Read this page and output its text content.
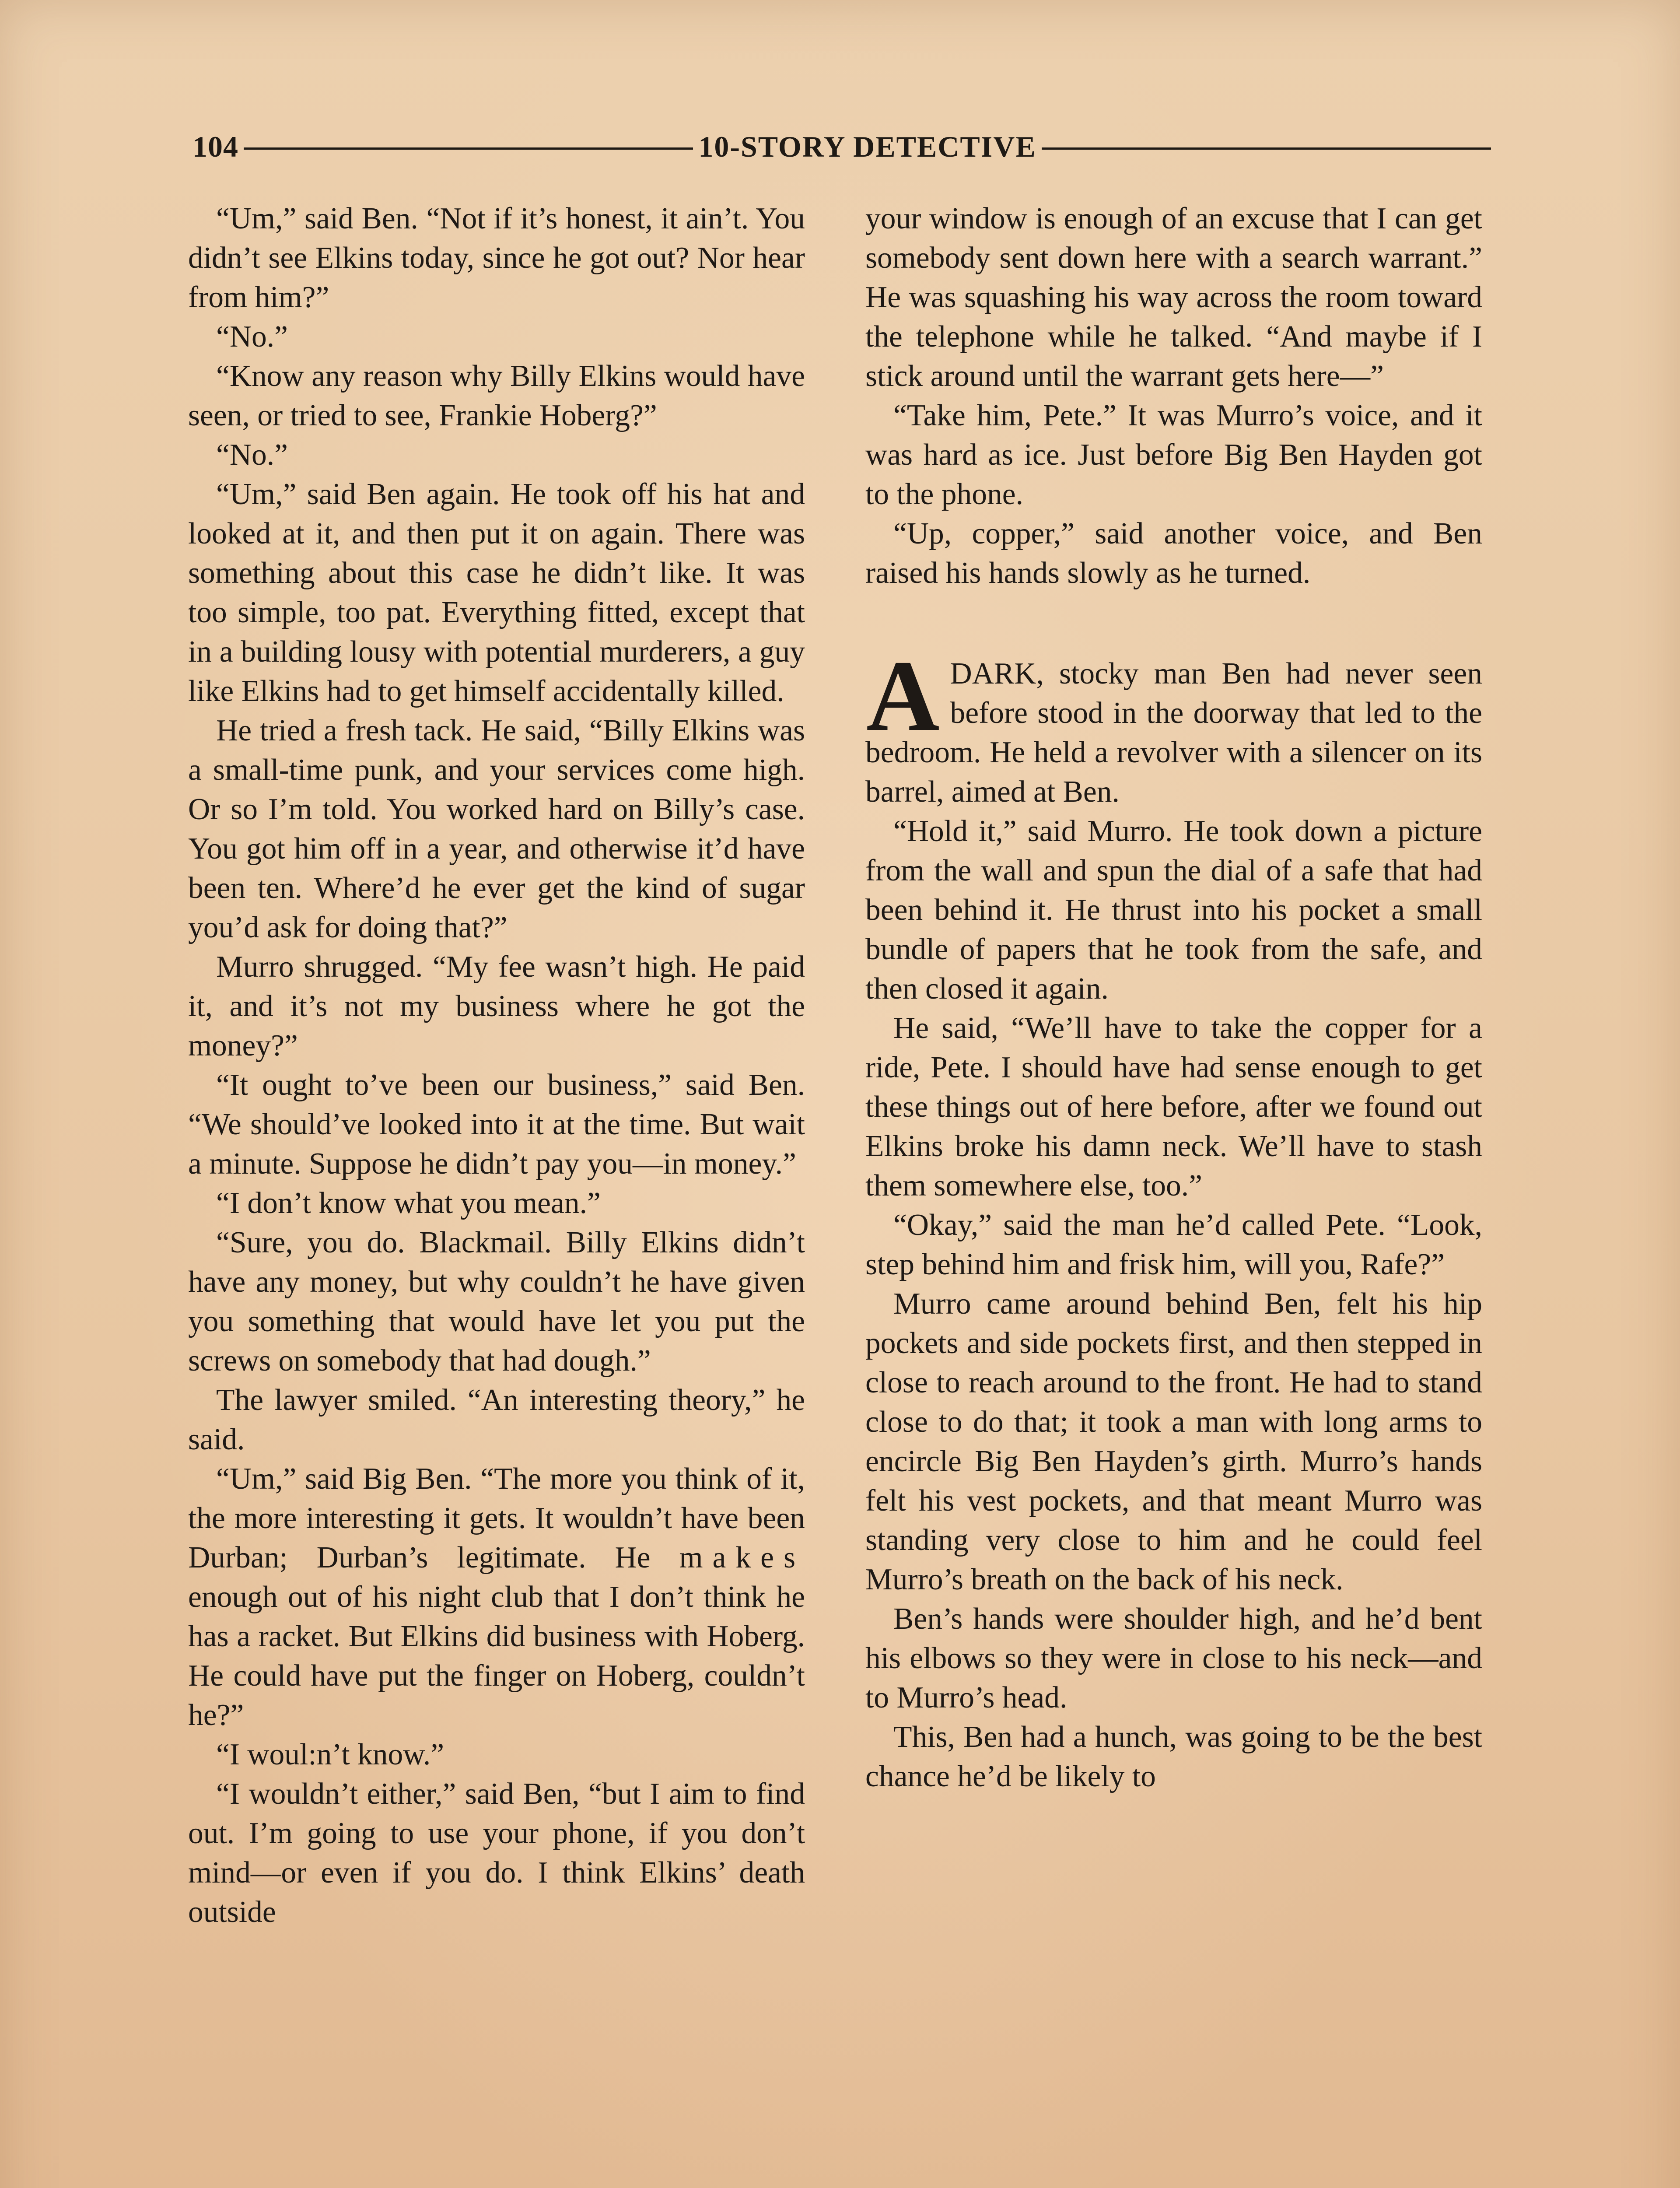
104	10-STORY DETECTIVE

“Um,” said Ben. “Not if it’s honest, it ain’t. You didn’t see Elkins today, since he got out? Nor hear from him?”

“No.”

“Know any reason why Billy Elkins would have seen, or tried to see, Frankie Hoberg?”

“No.”

“Um,” said Ben again. He took off his hat and looked at it, and then put it on again. There was something about this case he didn’t like. It was too simple, too pat. Everything fitted, except that in a building lousy with potential murderers, a guy like Elkins had to get himself accidentally killed.

He tried a fresh tack. He said, “Billy Elkins was a small-time punk, and your services come high. Or so I’m told. You worked hard on Billy’s case. You got him off in a year, and otherwise it’d have been ten. Where’d he ever get the kind of sugar you’d ask for doing that?”

Murro shrugged. “My fee wasn’t high. He paid it, and it’s not my business where he got the money?”

“It ought to’ve been our business,” said Ben. “We should’ve looked into it at the time. But wait a minute. Suppose he didn’t pay you—in money.”

“I don’t know what you mean.”

“Sure, you do. Blackmail. Billy Elkins didn’t have any money, but why couldn’t he have given you something that would have let you put the screws on somebody that had dough.”

The lawyer smiled. “An interesting theory,” he said.

“Um,” said Big Ben. “The more you think of it, the more interesting it gets. It wouldn’t have been Durban; Durban’s legitimate. He makes enough out of his night club that I don’t think he has a racket. But Elkins did business with Hoberg. He could have put the finger on Hoberg, couldn’t he?”

“I woul:n’t know.”

“I wouldn’t either,” said Ben, “but I aim to find out. I’m going to use your phone, if you don’t mind—or even if you do. I think Elkins’ death outside

your window is enough of an excuse that I can get somebody sent down here with a search warrant.” He was squashing his way across the room toward the telephone while he talked. “And maybe if I stick around until the warrant gets here—”

“Take him, Pete.” It was Murro’s voice, and it was hard as ice. Just before Big Ben Hayden got to the phone.

“Up, copper,” said another voice, and Ben raised his hands slowly as he turned.

ADARK, stocky man Ben had never seen before stood in the doorway that led to the bedroom. He held a revolver with a silencer on its barrel, aimed at Ben.

“Hold it,” said Murro. He took down a picture from the wall and spun the dial of a safe that had been behind it. He thrust into his pocket a small bundle of papers that he took from the safe, and then closed it again.

He said, “We’ll have to take the copper for a ride, Pete. I should have had sense enough to get these things out of here before, after we found out Elkins broke his damn neck. We’ll have to stash them somewhere else, too.”

“Okay,” said the man he’d called Pete. “Look, step behind him and frisk him, will you, Rafe?”

Murro came around behind Ben, felt his hip pockets and side pockets first, and then stepped in close to reach around to the front. He had to stand close to do that; it took a man with long arms to encircle Big Ben Hayden’s girth. Murro’s hands felt his vest pockets, and that meant Murro was standing very close to him and he could feel Murro’s breath on the back of his neck.

Ben’s hands were shoulder high, and he’d bent his elbows so they were in close to his neck—and to Murro’s head.

This, Ben had a hunch, was going to be the best chance he’d be likely to
